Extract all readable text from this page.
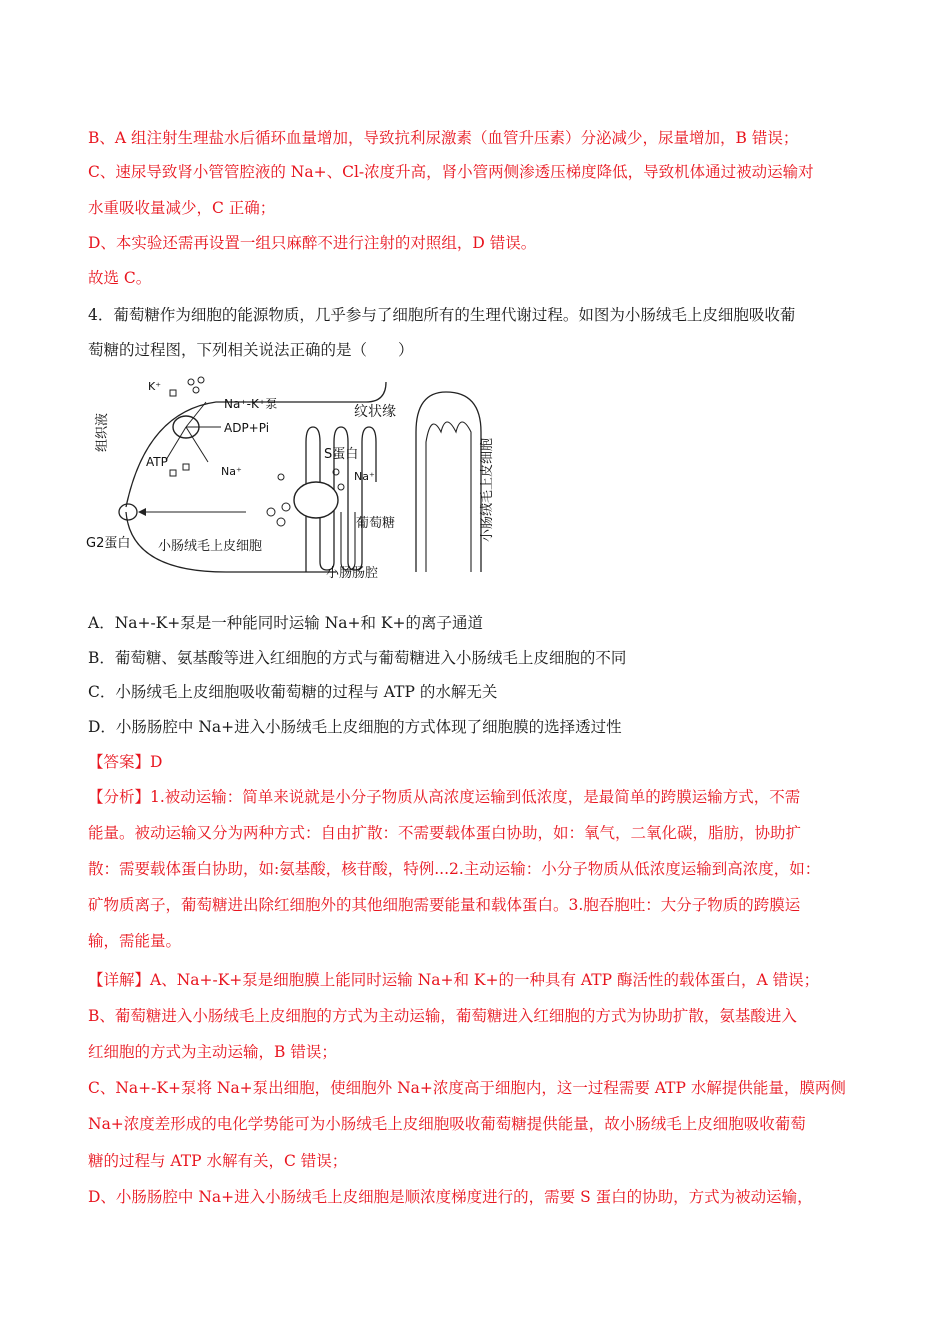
B、A 组注射生理盐水后循环血量增加，导致抗利尿激素（血管升压素）分泌减少，尿量增加，B 错误；
C、速尿导致肾小管管腔液的 Na+、Cl-浓度升高，肾小管两侧渗透压梯度降低，导致机体通过被动运输对
水重吸收量减少，C 正确；
D、本实验还需再设置一组只麻醉不进行注射的对照组，D 错误。
故选 C。
4．葡萄糖作为细胞的能源物质，几乎参与了细胞所有的生理代谢过程。如图为小肠绒毛上皮细胞吸收葡
萄糖的过程图，下列相关说法正确的是（　　）
K⁺
Na⁺-K⁺泵
ADP+Pi
ATP
Na⁺
纹状缘
S蛋白
Na⁺
葡萄糖
G2蛋白 小肠绒毛上皮细胞
小肠肠腔
组织液
小肠绒毛上皮细胞
A．Na+-K+泵是一种能同时运输 Na+和 K+的离子通道
B．葡萄糖、氨基酸等进入红细胞的方式与葡萄糖进入小肠绒毛上皮细胞的不同
C．小肠绒毛上皮细胞吸收葡萄糖的过程与 ATP 的水解无关
D．小肠肠腔中 Na+进入小肠绒毛上皮细胞的方式体现了细胞膜的选择透过性
【答案】D
【分析】1.被动运输：简单来说就是小分子物质从高浓度运输到低浓度，是最简单的跨膜运输方式，不需
能量。被动运输又分为两种方式：自由扩散：不需要载体蛋白协助，如：氧气，二氧化碳，脂肪，协助扩
散：需要载体蛋白协助，如:氨基酸，核苷酸，特例...2.主动运输：小分子物质从低浓度运输到高浓度，如：
矿物质离子，葡萄糖进出除红细胞外的其他细胞需要能量和载体蛋白。3.胞吞胞吐：大分子物质的跨膜运
输，需能量。
【详解】A、Na+-K+泵是细胞膜上能同时运输 Na+和 K+的一种具有 ATP 酶活性的载体蛋白，A 错误；
B、葡萄糖进入小肠绒毛上皮细胞的方式为主动运输，葡萄糖进入红细胞的方式为协助扩散，氨基酸进入
红细胞的方式为主动运输，B 错误；
C、Na+-K+泵将 Na+泵出细胞，使细胞外 Na+浓度高于细胞内，这一过程需要 ATP 水解提供能量，膜两侧
Na+浓度差形成的电化学势能可为小肠绒毛上皮细胞吸收葡萄糖提供能量，故小肠绒毛上皮细胞吸收葡萄
糖的过程与 ATP 水解有关，C 错误；
D、小肠肠腔中 Na+进入小肠绒毛上皮细胞是顺浓度梯度进行的，需要 S 蛋白的协助，方式为被动运输，
